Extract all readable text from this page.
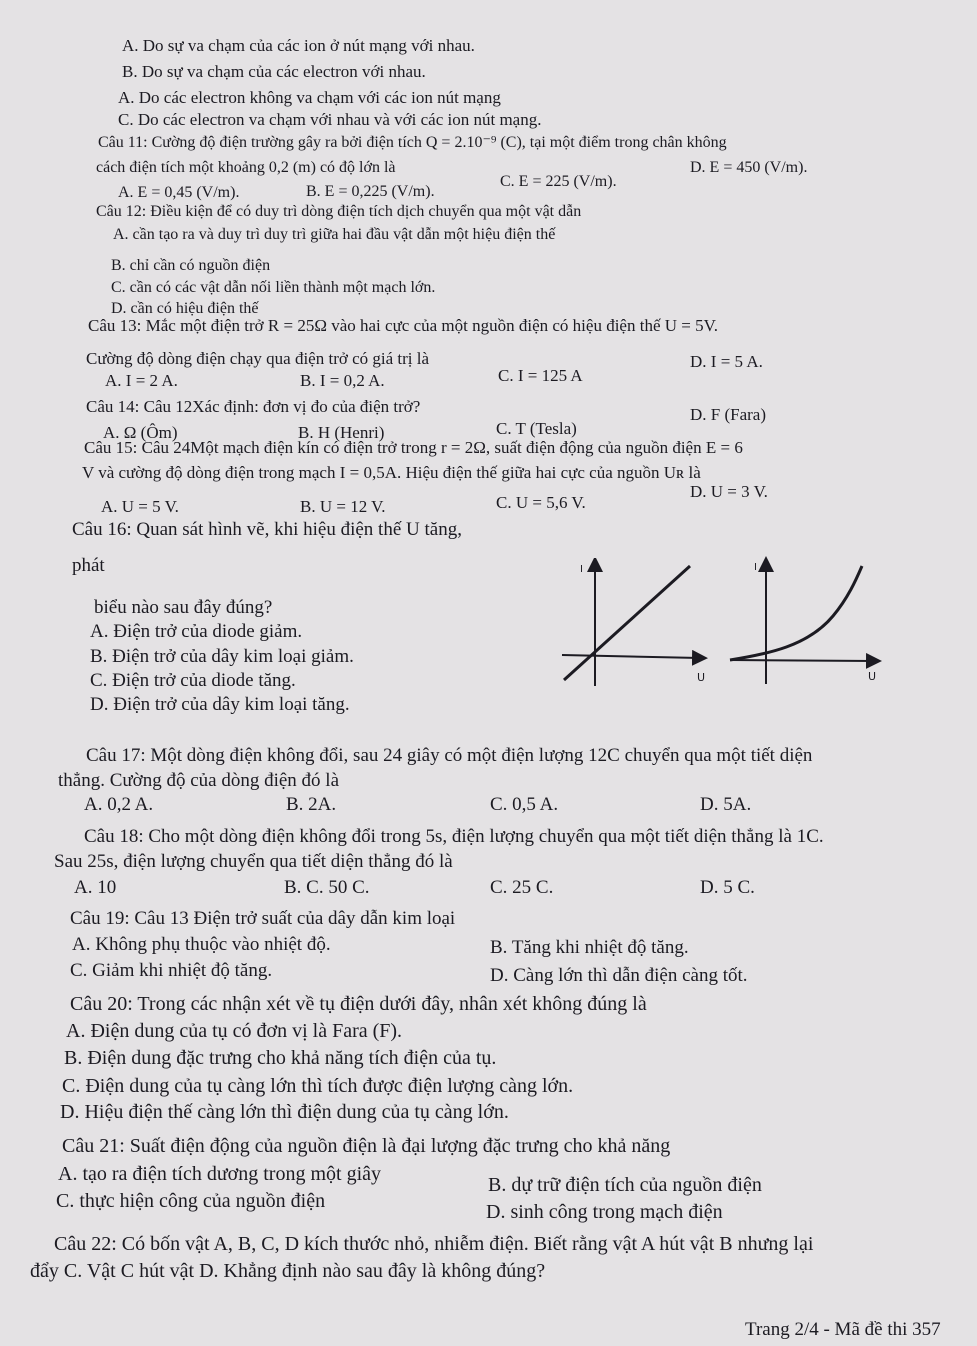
A. Do sự va chạm của các ion ở nút mạng với nhau.
B. Do sự va chạm của các electron với nhau.
A. Do các electron không va chạm với các ion nút mạng
C. Do các electron va chạm với nhau và với các ion nút mạng.
Câu 11: Cường độ điện trường gây ra bởi điện tích Q = 2.10⁻⁹ (C), tại một điểm trong chân không
cách điện tích một khoảng 0,2 (m) có độ lớn là
A. E = 0,45 (V/m).	B. E = 0,225 (V/m).
C. E = 225 (V/m).
D. E = 450 (V/m).
Câu 12: Điều kiện để có duy trì dòng điện tích dịch chuyển qua một vật dẫn
A. cần tạo ra và duy trì duy trì giữa hai đầu vật dẫn một hiệu điện thế
B. chỉ cần có nguồn điện
C. cần có các vật dẫn nối liền thành một mạch lớn.
D. cần có hiệu điện thế
Câu 13: Mắc một điện trở R = 25Ω vào hai cực của một nguồn điện có hiệu điện thế U = 5V.
Cường độ dòng điện chạy qua điện trở có giá trị là
A. I = 2 A.	B. I = 0,2 A.	C. I = 125 A
D. I = 5 A.
Câu 14: Câu 12Xác định: đơn vị đo của điện trở?
A. Ω (Ôm)	B. H (Henri)	C. T (Tesla)
D. F (Fara)
Câu 15: Câu 24Một mạch điện kín có điện trở trong r = 2Ω, suất điện động của nguồn điện E = 6
V và cường độ dòng điện trong mạch I = 0,5A. Hiệu điện thế giữa hai cực của nguồn Uʀ là
A. U = 5 V.	B. U = 12 V.	C. U = 5,6 V.
D. U = 3 V.
Câu 16: Quan sát hình vẽ, khi hiệu điện thế U tăng,
phát
biểu nào sau đây đúng?
A. Điện trở của diode giảm.
B. Điện trở của dây kim loại giảm.
C. Điện trở của diode tăng.
D. Điện trở của dây kim loại tăng.
I
U
I
U
Câu 17: Một dòng điện không đổi, sau 24 giây có một điện lượng 12C chuyển qua một tiết diện
thẳng. Cường độ của dòng điện đó là
A. 0,2 A.	B. 2A.	C. 0,5 A.	D. 5A.
Câu 18: Cho một dòng điện không đổi trong 5s, điện lượng chuyển qua một tiết diện thẳng là 1C.
Sau 25s, điện lượng chuyển qua tiết diện thẳng đó là
A. 10	B. C. 50 C.	C. 25 C.	D. 5 C.
Câu 19: Câu 13 Điện trở suất của dây dẫn kim loại
A. Không phụ thuộc vào nhiệt độ.	B. Tăng khi nhiệt độ tăng.
C. Giảm khi nhiệt độ tăng.	D. Càng lớn thì dẫn điện càng tốt.
Câu 20: Trong các nhận xét về tụ điện dưới đây, nhân xét không đúng là
A. Điện dung của tụ có đơn vị là Fara (F).
B. Điện dung đặc trưng cho khả năng tích điện của tụ.
C. Điện dung của tụ càng lớn thì tích được điện lượng càng lớn.
D. Hiệu điện thế càng lớn thì điện dung của tụ càng lớn.
Câu 21: Suất điện động của nguồn điện là đại lượng đặc trưng cho khả năng
A. tạo ra điện tích dương trong một giây	B. dự trữ điện tích của nguồn điện
C. thực hiện công của nguồn điện	D. sinh công trong mạch điện
Câu 22: Có bốn vật A, B, C, D kích thước nhỏ, nhiễm điện. Biết rằng vật A hút vật B nhưng lại
đẩy C. Vật C hút vật D. Khẳng định nào sau đây là không đúng?
Trang 2/4 - Mã đề thi 357
